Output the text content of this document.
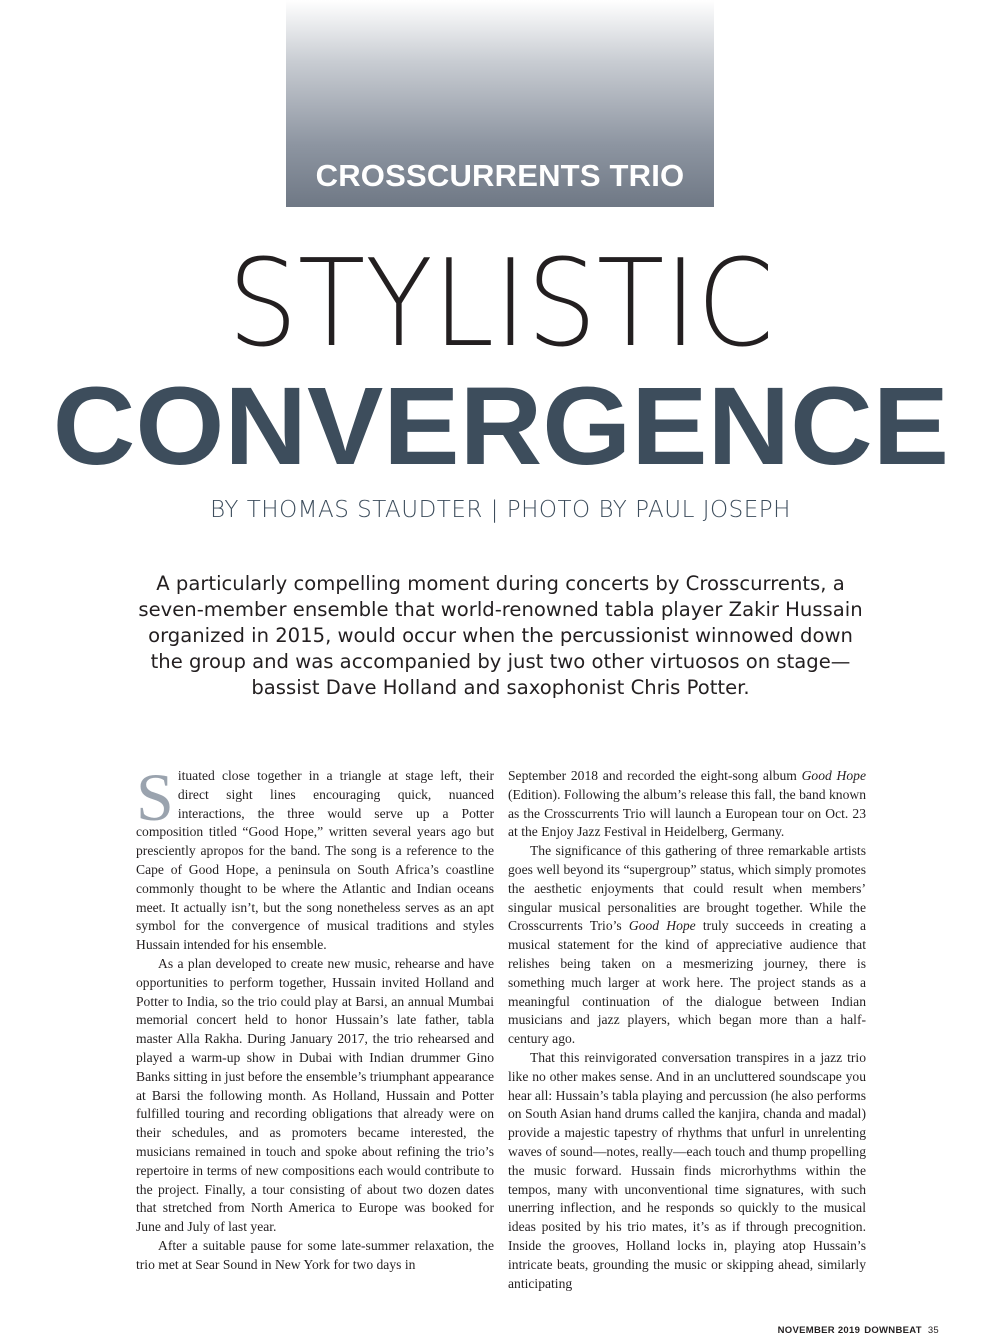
CROSSCURRENTS TRIO
STYLISTIC
CONVERGENCE
BY THOMAS STAUDTER | PHOTO BY PAUL JOSEPH
A particularly compelling moment during concerts by Crosscurrents, a seven-member ensemble that world-renowned tabla player Zakir Hussain organized in 2015, would occur when the percussionist winnowed down the group and was accompanied by just two other virtuosos on stage—bassist Dave Holland and saxophonist Chris Potter.

Situated close together in a triangle at stage left, their direct sight lines encouraging quick, nuanced interactions, the three would serve up a Potter composition titled “Good Hope,” written several years ago but presciently apropos for the band. The song is a reference to the Cape of Good Hope, a peninsula on South Africa’s coastline commonly thought to be where the Atlantic and Indian oceans meet. It actually isn’t, but the song nonetheless serves as an apt symbol for the convergence of musical traditions and styles Hussain intended for his ensemble.

As a plan developed to create new music, rehearse and have opportunities to perform together, Hussain invited Holland and Potter to India, so the trio could play at Barsi, an annual Mumbai memorial concert held to honor Hussain’s late father, tabla master Alla Rakha. During January 2017, the trio rehearsed and played a warm-up show in Dubai with Indian drummer Gino Banks sitting in just before the ensemble’s triumphant appearance at Barsi the following month. As Holland, Hussain and Potter fulfilled touring and recording obligations that already were on their schedules, and as promoters became interested, the musicians remained in touch and spoke about refining the trio’s repertoire in terms of new compositions each would contribute to the project. Finally, a tour consisting of about two dozen dates that stretched from North America to Europe was booked for June and July of last year.

After a suitable pause for some late-summer relaxation, the trio met at Sear Sound in New York for two days in

September 2018 and recorded the eight-song album Good Hope (Edition). Following the album’s release this fall, the band known as the Crosscurrents Trio will launch a European tour on Oct. 23 at the Enjoy Jazz Festival in Heidelberg, Germany.

The significance of this gathering of three remarkable artists goes well beyond its “supergroup” status, which simply promotes the aesthetic enjoyments that could result when members’ singular musical personalities are brought together. While the Crosscurrents Trio’s Good Hope truly succeeds in creating a musical statement for the kind of appreciative audience that relishes being taken on a mesmerizing journey, there is something much larger at work here. The project stands as a meaningful continuation of the dialogue between Indian musicians and jazz players, which began more than a half-century ago.

That this reinvigorated conversation transpires in a jazz trio like no other makes sense. And in an uncluttered soundscape you hear all: Hussain’s tabla playing and percussion (he also performs on South Asian hand drums called the kanjira, chanda and madal) provide a majestic tapestry of rhythms that unfurl in unrelenting waves of sound—notes, really—each touch and thump propelling the music forward. Hussain finds microrhythms within the tempos, many with unconventional time signatures, with such unerring inflection, and he responds so quickly to the musical ideas posited by his trio mates, it’s as if through precognition. Inside the grooves, Holland locks in, playing atop Hussain’s intricate beats, grounding the music or skipping ahead, similarly anticipating

NOVEMBER 2019 DOWNBEAT 35
